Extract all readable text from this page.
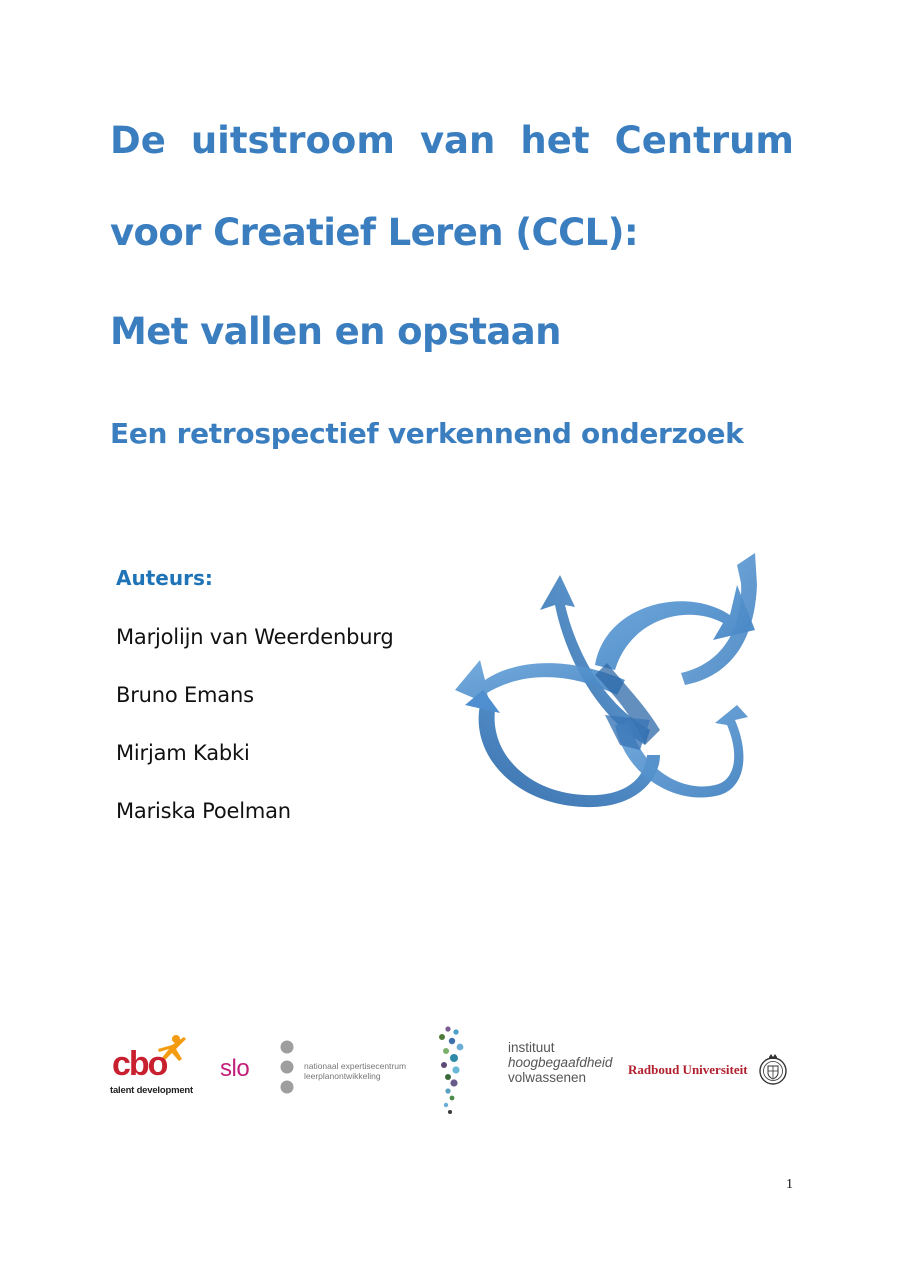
De uitstroom van het Centrum
voor Creatief Leren (CCL):
Met vallen en opstaan
Een retrospectief verkennend onderzoek
Auteurs:
Marjolijn van Weerdenburg
Bruno Emans
Mirjam Kabki
Mariska Poelman
cbo
talent development
slo	nationaal expertisecentrum
leerplanontwikkeling
instituut
hoogbegaafdheid
volwassenen
Radboud Universiteit
1
